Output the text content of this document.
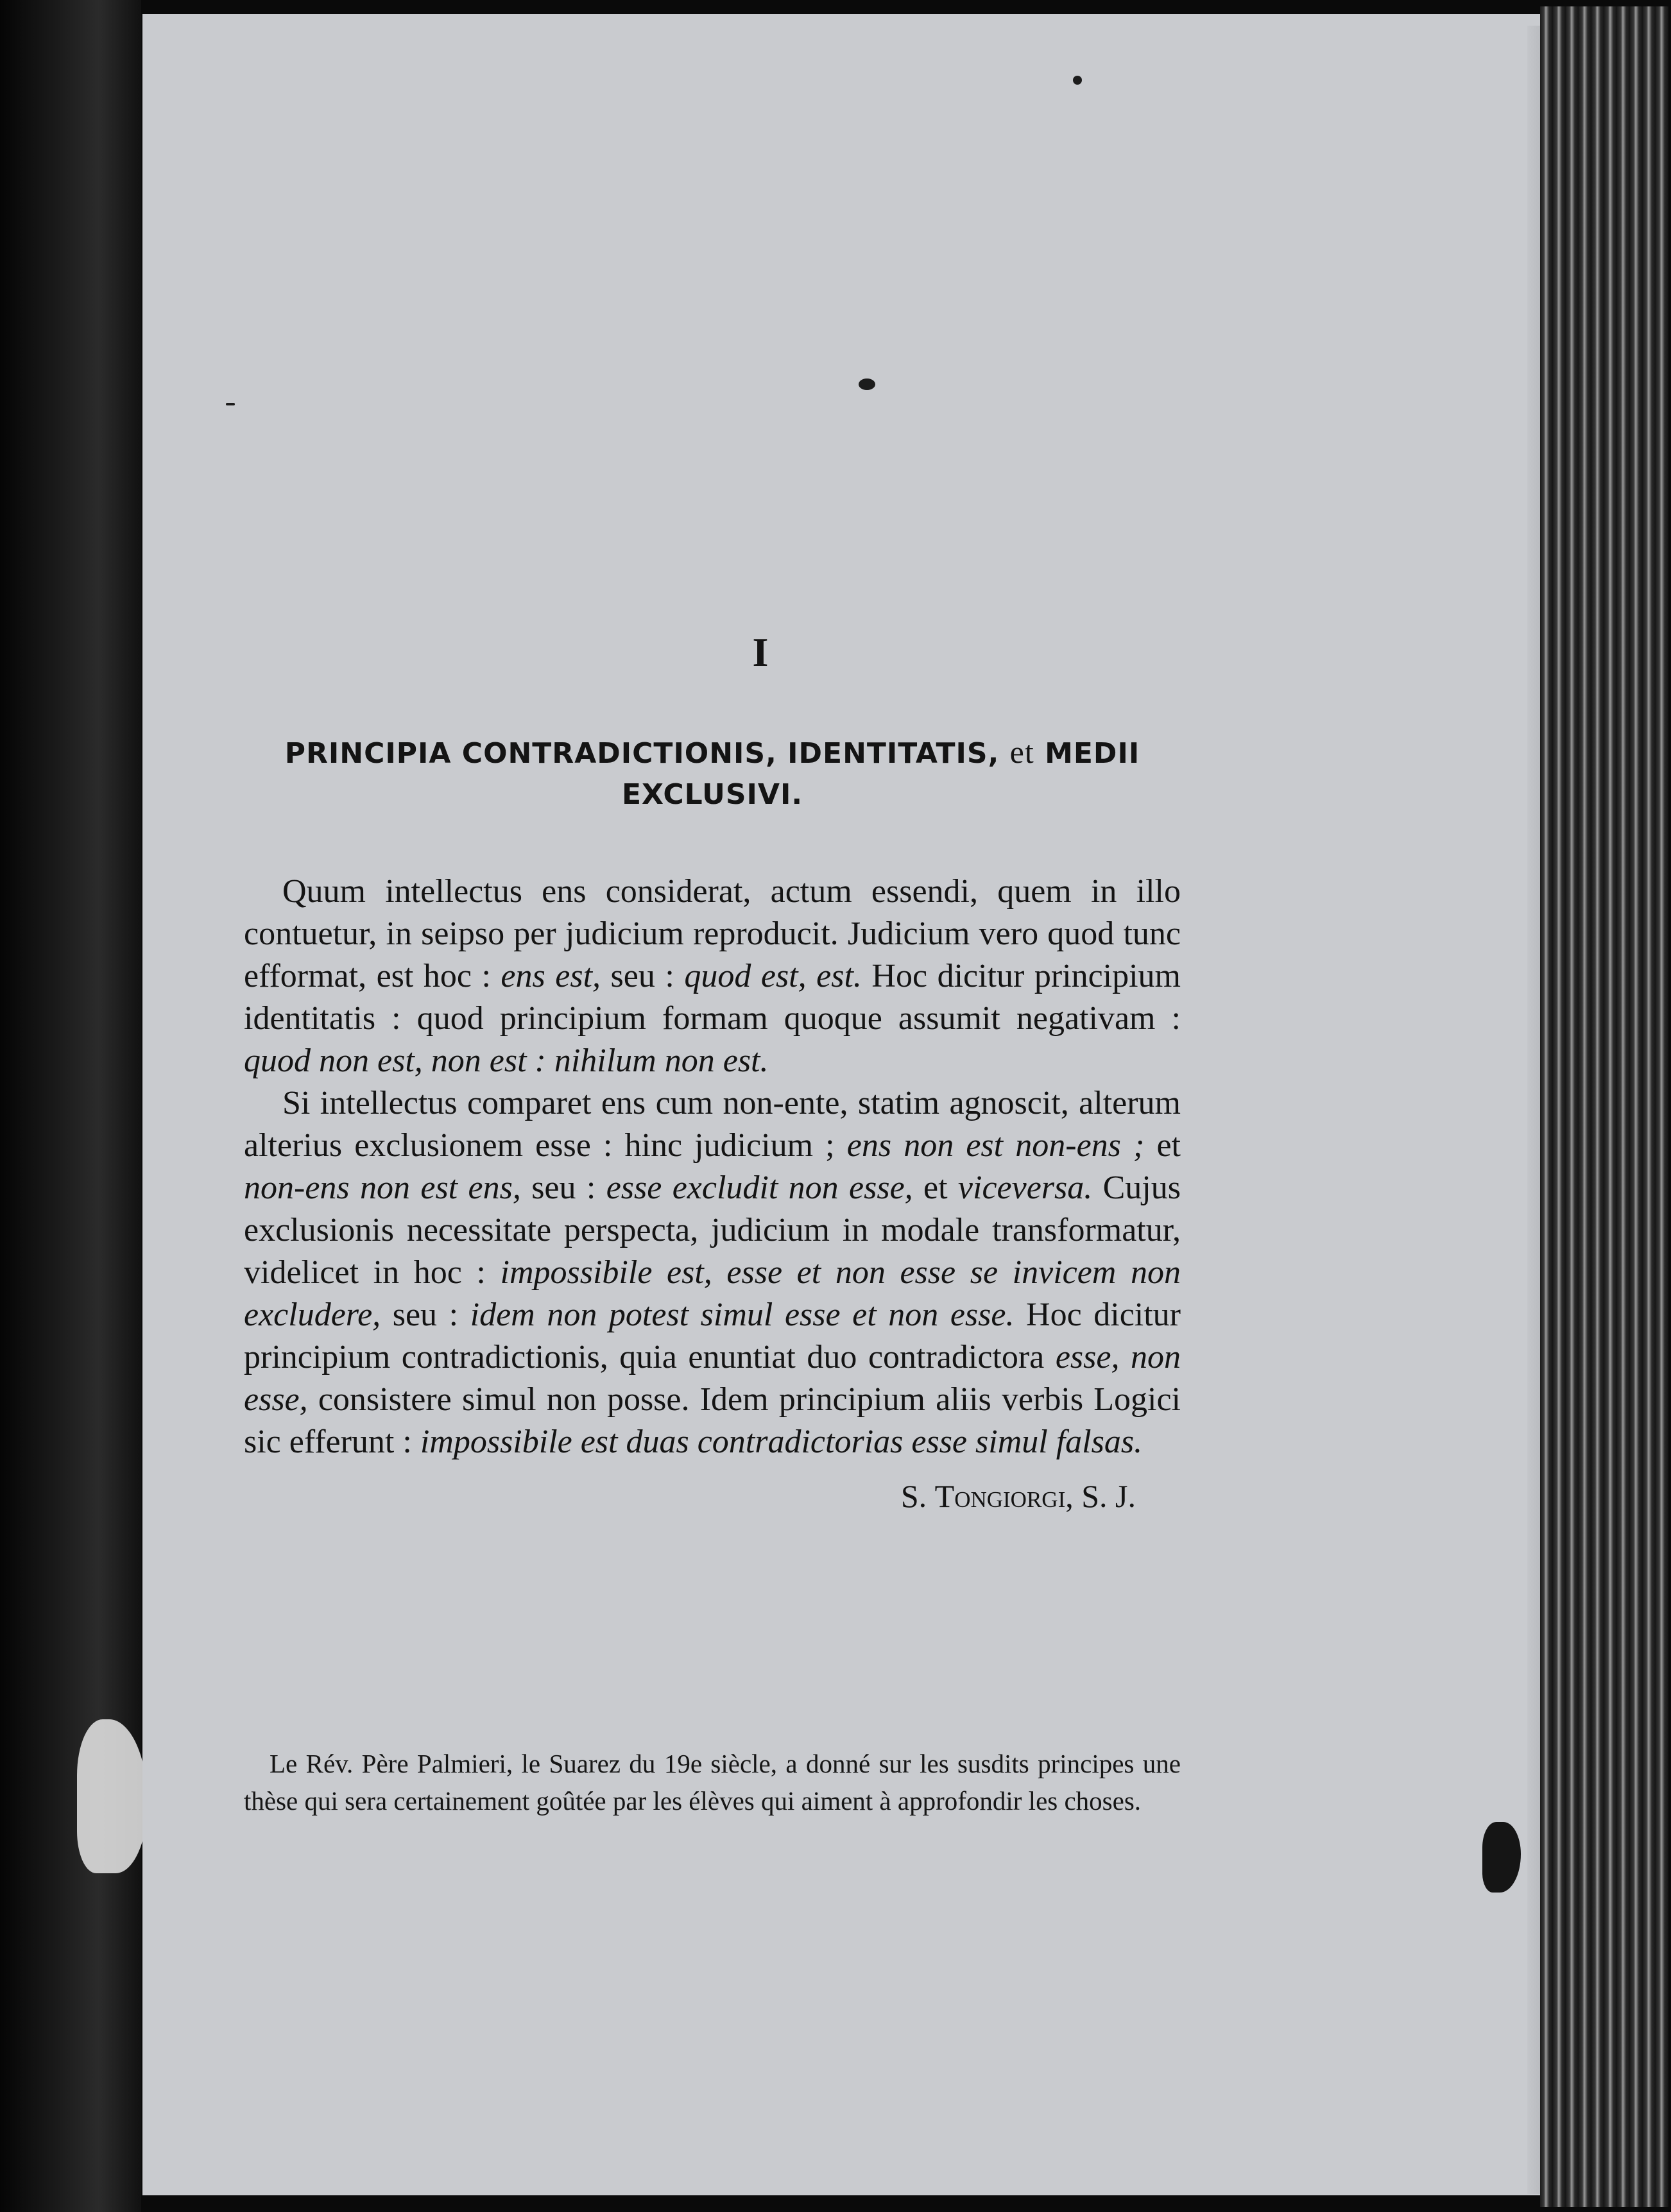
I
PRINCIPIA CONTRADICTIONIS, IDENTITATIS, et MEDII
EXCLUSIVI.

Quum intellectus ens considerat, actum essendi, quem in illo contuetur, in seipso per judicium reproducit. Judicium vero quod tunc efformat, est hoc : ens est, seu : quod est, est. Hoc dicitur principium identitatis : quod principium formam quoque assumit negativam : quod non est, non est : nihilum non est.

Si intellectus comparet ens cum non-ente, statim agnoscit, alterum alterius exclusionem esse : hinc judicium ; ens non est non-ens ; et non-ens non est ens, seu : esse excludit non esse, et viceversa. Cujus exclusionis necessitate perspecta, judicium in modale transformatur, videlicet in hoc : impossibile est, esse et non esse se invicem non excludere, seu : idem non potest simul esse et non esse. Hoc dicitur principium contradictionis, quia enuntiat duo contradictora esse, non esse, consistere simul non posse. Idem principium aliis verbis Logici sic efferunt : impossibile est duas contradictorias esse simul falsas.

S. Tongiorgi, S. J.

Le Rév. Père Palmieri, le Suarez du 19e siècle, a donné sur les susdits principes une thèse qui sera certainement goûtée par les élèves qui aiment à approfondir les choses.
